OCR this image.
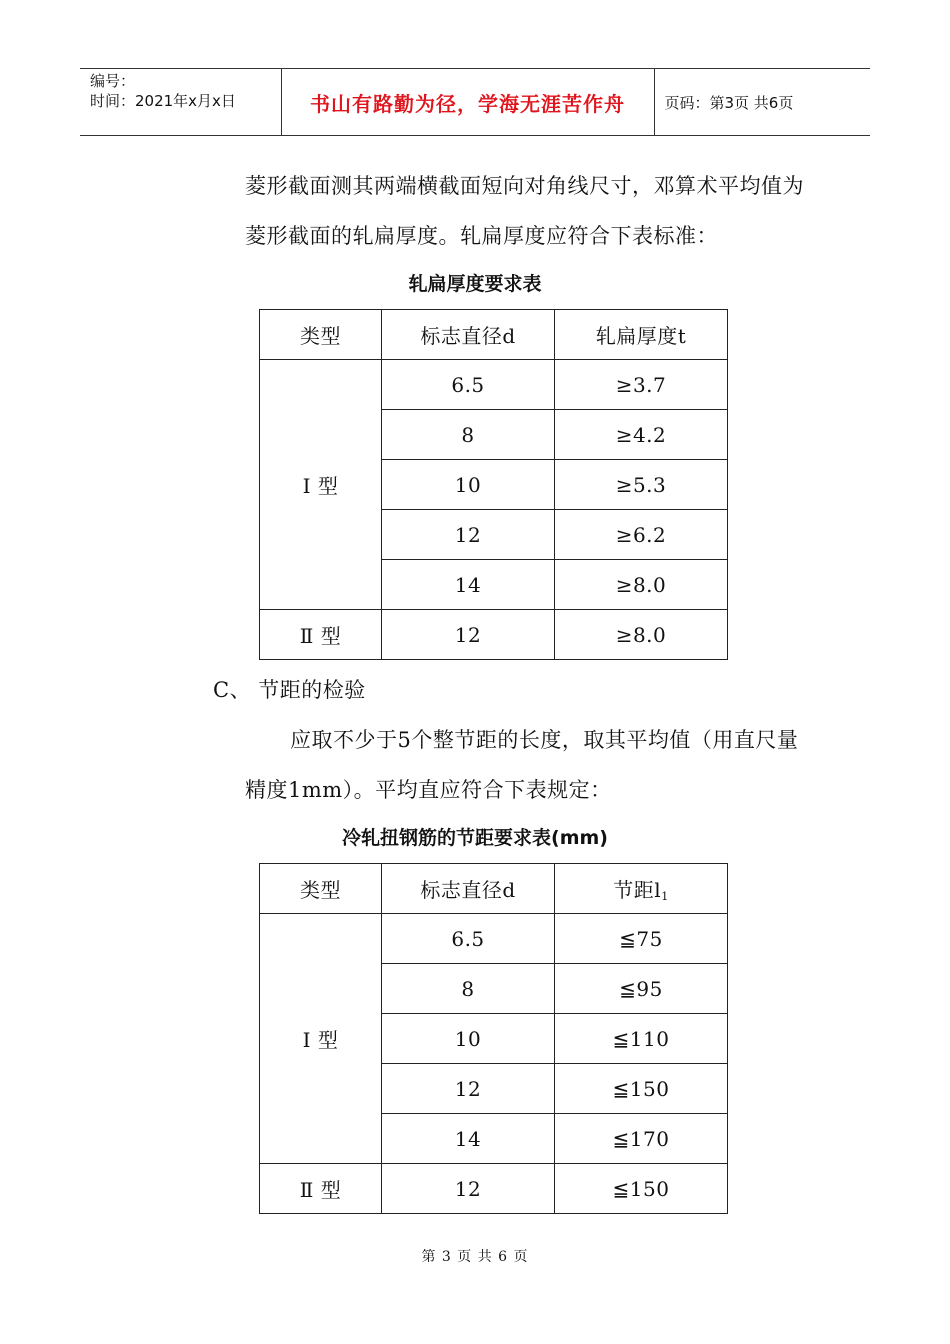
编号：
时间：2021年x月x日	书山有路勤为径，学海无涯苦作舟	页码：第3页 共6页
菱形截面测其两端横截面短向对角线尺寸，邓算术平均值为
菱形截面的轧扁厚度。轧扁厚度应符合下表标准：
轧扁厚度要求表
类型	标志直径d	轧扁厚度t
Ⅰ 型	6.5	≥3.7
	8	≥4.2
	10	≥5.3
	12	≥6.2
	14	≥8.0
Ⅱ 型	12	≥8.0
C、 节距的检验
应取不少于5个整节距的长度，取其平均值（用直尺量
精度1mm）。平均直应符合下表规定：
冷轧扭钢筋的节距要求表(mm)
类型	标志直径d	节距$l_1$
Ⅰ 型	6.5	≦75
	8	≦95
	10	≦110
	12	≦150
	14	≦170
Ⅱ 型	12	≦150
第 3 页 共 6 页
